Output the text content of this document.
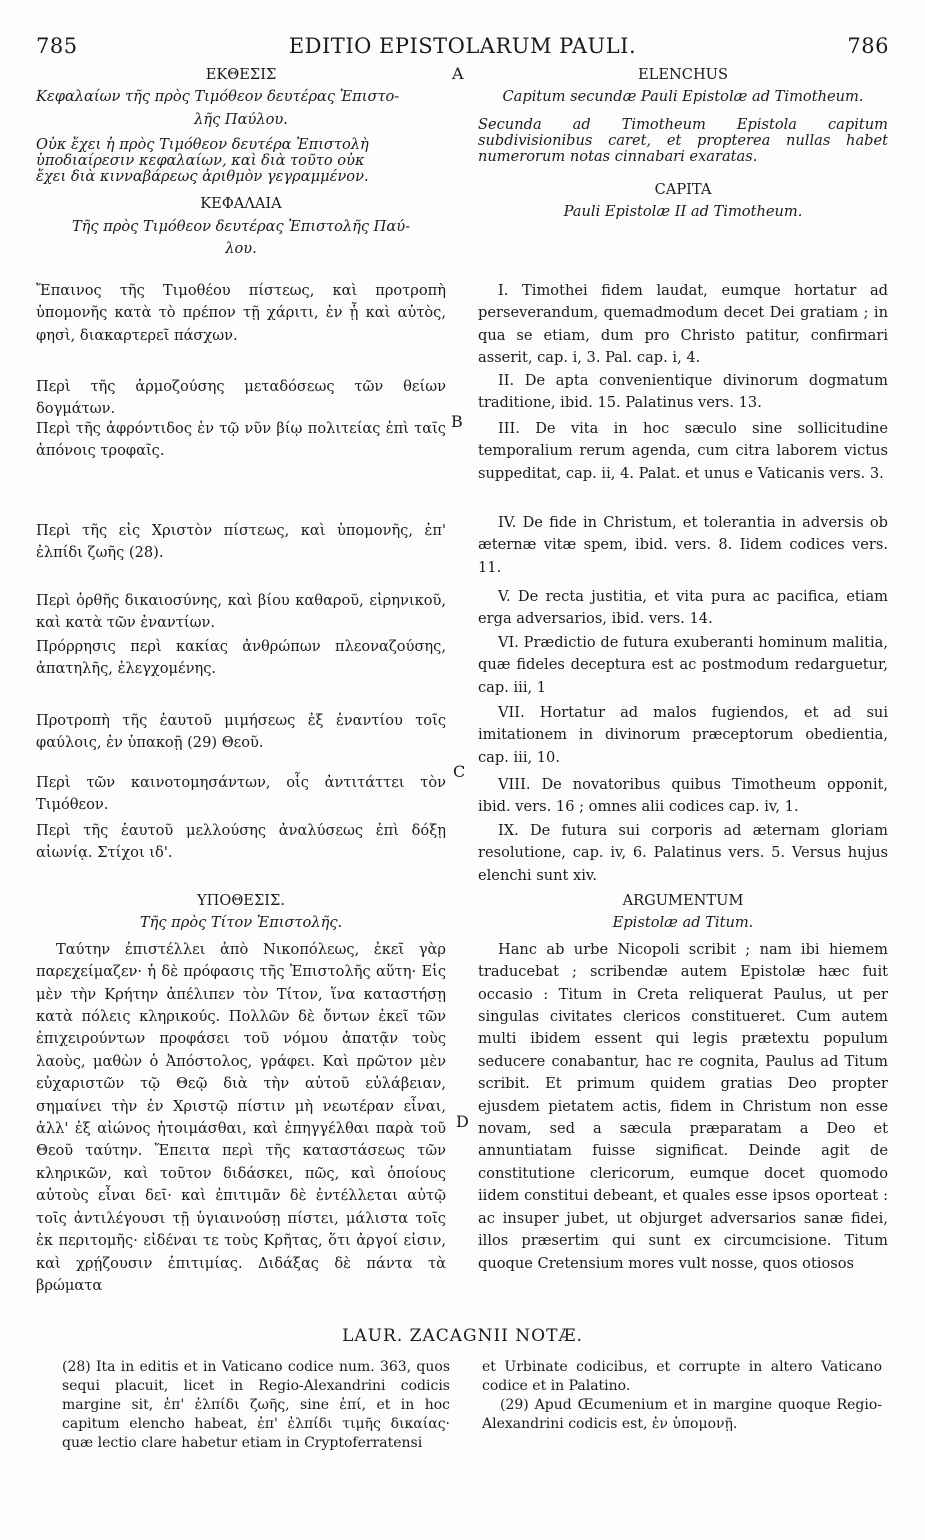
785	EDITIO EPISTOLARUM PAULI.	786
A
B
C
D
ΕΚΘΕΣΙΣ
Κεφαλαίων τῆς πρὸς Τιμόθεον δευτέρας Ἐπιστο-
λῆς Παύλου.
Οὐκ ἔχει ἡ πρὸς Τιμόθεον δευτέρα Ἐπιστολὴ
ὑποδιαίρεσιν κεφαλαίων, καὶ διὰ τοῦτο οὐκ
ἔχει διὰ κινναβάρεως ἀριθμὸν γεγραμμένον.
ΚΕΦΑΛΑΙΑ
Τῆς πρὸς Τιμόθεον δευτέρας Ἐπιστολῆς Παύ-
λου.
Ἔπαινος τῆς Τιμοθέου πίστεως, καὶ προτροπὴ ὑπομονῆς κατὰ τὸ πρέπον τῇ χάριτι, ἐν ᾗ καὶ αὐτὸς, φησὶ, διακαρτερεῖ πάσχων.
Περὶ τῆς ἁρμοζούσης μεταδόσεως τῶν θείων δογμάτων.
Περὶ τῆς ἀφρόντιδος ἐν τῷ νῦν βίῳ πολιτείας ἐπὶ ταῖς ἀπόνοις τροφαῖς.
Περὶ τῆς εἰς Χριστὸν πίστεως, καὶ ὑπομονῆς, ἐπ' ἐλπίδι ζωῆς (28).
Περὶ ὀρθῆς δικαιοσύνης, καὶ βίου καθαροῦ, εἰρηνικοῦ, καὶ κατὰ τῶν ἐναντίων.
Πρόρρησις περὶ κακίας ἀνθρώπων πλεοναζούσης, ἀπατηλῆς, ἐλεγχομένης.
Προτροπὴ τῆς ἑαυτοῦ μιμήσεως ἐξ ἐναντίου τοῖς φαύλοις, ἐν ὑπακοῇ (29) Θεοῦ.
Περὶ τῶν καινοτομησάντων, οἷς ἀντιτάττει τὸν Τιμόθεον.
Περὶ τῆς ἑαυτοῦ μελλούσης ἀναλύσεως ἐπὶ δόξῃ αἰωνίᾳ. Στίχοι ιδ'.
ΥΠΟΘΕΣΙΣ.
Τῆς πρὸς Τίτον Ἐπιστολῆς.
Ταύτην ἐπιστέλλει ἀπὸ Νικοπόλεως, ἐκεῖ γὰρ παρεχείμαζεν· ἡ δὲ πρόφασις τῆς Ἐπιστολῆς αὕτη· Εἰς μὲν τὴν Κρήτην ἀπέλιπεν τὸν Τίτον, ἵνα καταστήσῃ κατὰ πόλεις κληρικούς. Πολλῶν δὲ ὄντων ἐκεῖ τῶν ἐπιχειρούντων προφάσει τοῦ νόμου ἀπατᾷν τοὺς λαοὺς, μαθὼν ὁ Ἀπόστολος, γράφει. Καὶ πρῶτον μὲν εὐχαριστῶν τῷ Θεῷ διὰ τὴν αὐτοῦ εὐλάβειαν, σημαίνει τὴν ἐν Χριστῷ πίστιν μὴ νεωτέραν εἶναι, ἀλλ' ἐξ αἰώνος ἡτοιμάσθαι, καὶ ἐπηγγέλθαι παρὰ τοῦ Θεοῦ ταύτην. Ἔπειτα περὶ τῆς καταστάσεως τῶν κληρικῶν, καὶ τοῦτον διδάσκει, πῶς, καὶ ὁποίους αὐτοὺς εἶναι δεῖ· καὶ ἐπιτιμᾶν δὲ ἐντέλλεται αὐτῷ τοῖς ἀντιλέγουσι τῇ ὑγιαινούσῃ πίστει, μάλιστα τοῖς ἐκ περιτομῆς· εἰδέναι τε τοὺς Κρῆτας, ὅτι ἀργοί εἰσιν, καὶ χρῄζουσιν ἐπιτιμίας. Διδάξας δὲ πάντα τὰ βρώματα
ELENCHUS
Capitum secundæ Pauli Epistolæ ad Timotheum.
Secunda ad Timotheum Epistola capitum subdivisionibus caret, et propterea nullas habet numerorum notas cinnabari exaratas.
CAPITA
Pauli Epistolæ II ad Timotheum.
I. Timothei fidem laudat, eumque hortatur ad perseverandum, quemadmodum decet Dei gratiam ; in qua se etiam, dum pro Christo patitur, confirmari asserit, cap. i, 3. Pal. cap. i, 4.
II. De apta convenientique divinorum dogmatum traditione, ibid. 15. Palatinus vers. 13.
III. De vita in hoc sæculo sine sollicitudine temporalium rerum agenda, cum citra laborem victus suppeditat, cap. ii, 4. Palat. et unus e Vaticanis vers. 3.
IV. De fide in Christum, et tolerantia in adversis ob æternæ vitæ spem, ibid. vers. 8. Iidem codices vers. 11.
V. De recta justitia, et vita pura ac pacifica, etiam erga adversarios, ibid. vers. 14.
VI. Prædictio de futura exuberanti hominum malitia, quæ fideles deceptura est ac postmodum redarguetur, cap. iii, 1
VII. Hortatur ad malos fugiendos, et ad sui imitationem in divinorum præceptorum obedientia, cap. iii, 10.
VIII. De novatoribus quibus Timotheum opponit, ibid. vers. 16 ; omnes alii codices cap. iv, 1.
IX. De futura sui corporis ad æternam gloriam resolutione, cap. iv, 6. Palatinus vers. 5. Versus hujus elenchi sunt xiv.
ARGUMENTUM
Epistolæ ad Titum.
Hanc ab urbe Nicopoli scribit ; nam ibi hiemem traducebat ; scribendæ autem Epistolæ hæc fuit occasio : Titum in Creta reliquerat Paulus, ut per singulas civitates clericos constitueret. Cum autem multi ibidem essent qui legis prætextu populum seducere conabantur, hac re cognita, Paulus ad Titum scribit. Et primum quidem gratias Deo propter ejusdem pietatem actis, fidem in Christum non esse novam, sed a sæcula præparatam a Deo et annuntiatam fuisse significat. Deinde agit de constitutione clericorum, eumque docet quomodo iidem constitui debeant, et quales esse ipsos oporteat : ac insuper jubet, ut objurget adversarios sanæ fidei, illos præsertim qui sunt ex circumcisione. Titum quoque Cretensium mores vult nosse, quos otiosos
LAUR. ZACAGNII NOTÆ.
(28) Ita in editis et in Vaticano codice num. 363, quos sequi placuit, licet in Regio-Alexandrini codicis margine sit, ἐπ' ἐλπίδι ζωῆς, sine ἐπί, et in hoc capitum elencho habeat, ἐπ' ἐλπίδι τιμῆς δικαίας· quæ lectio clare habetur etiam in Cryptoferratensi
et Urbinate codicibus, et corrupte in altero Vaticano codice et in Palatino.
(29) Apud Œcumenium et in margine quoque Regio-Alexandrini codicis est, ἐν ὑπομονῇ.
